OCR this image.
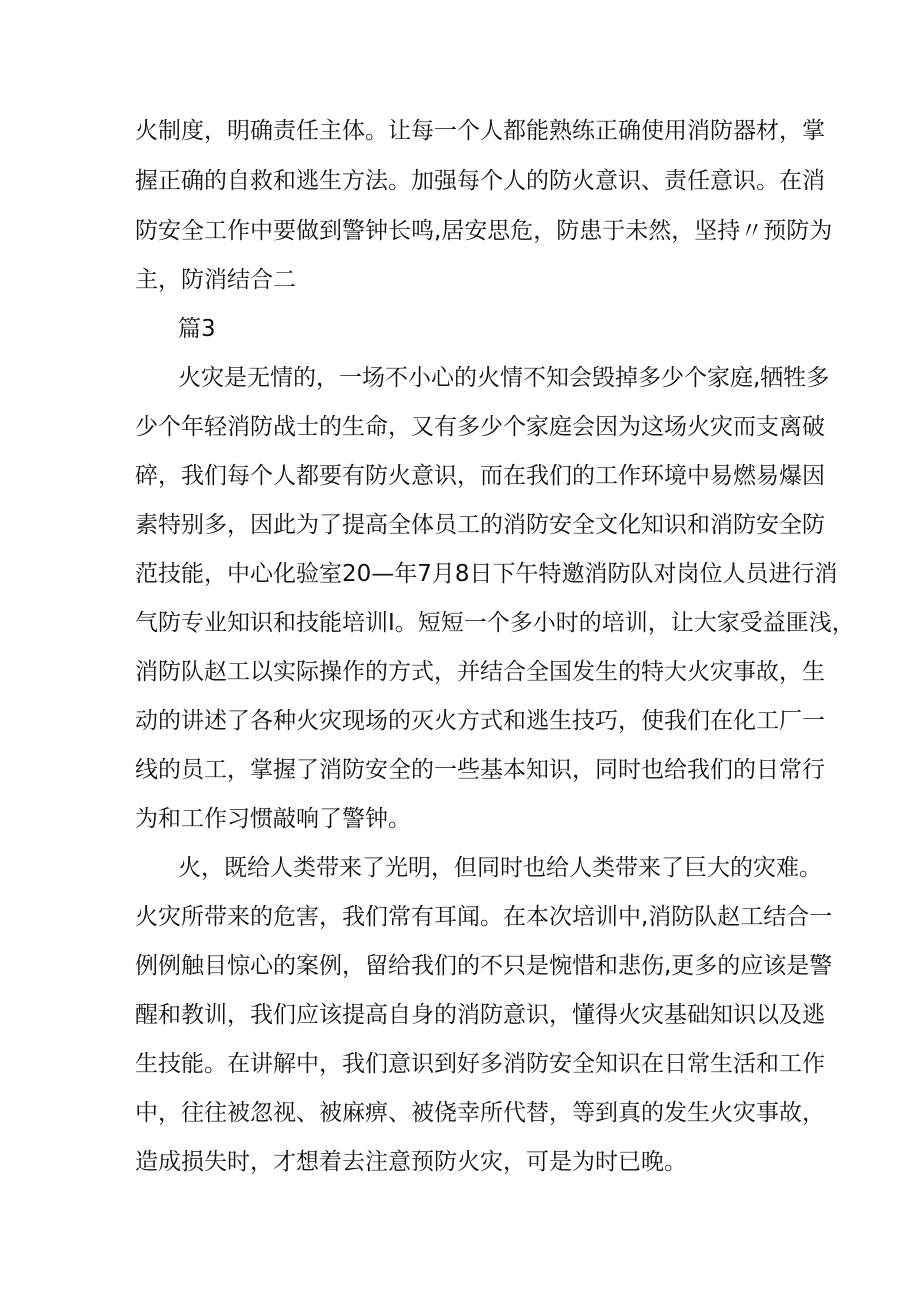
火制度，明确责任主体。让每一个人都能熟练正确使用消防器材，掌
握正确的自救和逃生方法。加强每个人的防火意识、责任意识。在消
防安全工作中要做到警钟长鸣,居安思危，防患于未然，坚持〃预防为
主，防消结合二
篇3
火灾是无情的，一场不小心的火情不知会毁掉多少个家庭,牺牲多
少个年轻消防战士的生命，又有多少个家庭会因为这场火灾而支离破
碎，我们每个人都要有防火意识，而在我们的工作环境中易燃易爆因
素特别多，因此为了提高全体员工的消防安全文化知识和消防安全防
范技能，中心化验室20—年7月8日下午特邀消防队对岗位人员进行消
气防专业知识和技能培训I。短短一个多小时的培训，让大家受益匪浅，
消防队赵工以实际操作的方式，并结合全国发生的特大火灾事故，生
动的讲述了各种火灾现场的灭火方式和逃生技巧，使我们在化工厂一
线的员工，掌握了消防安全的一些基本知识，同时也给我们的日常行
为和工作习惯敲响了警钟。
火，既给人类带来了光明，但同时也给人类带来了巨大的灾难。
火灾所带来的危害，我们常有耳闻。在本次培训中,消防队赵工结合一
例例触目惊心的案例，留给我们的不只是惋惜和悲伤,更多的应该是警
醒和教训，我们应该提高自身的消防意识，懂得火灾基础知识以及逃
生技能。在讲解中，我们意识到好多消防安全知识在日常生活和工作
中，往往被忽视、被麻痹、被侥幸所代替，等到真的发生火灾事故，
造成损失时，才想着去注意预防火灾，可是为时已晚。
